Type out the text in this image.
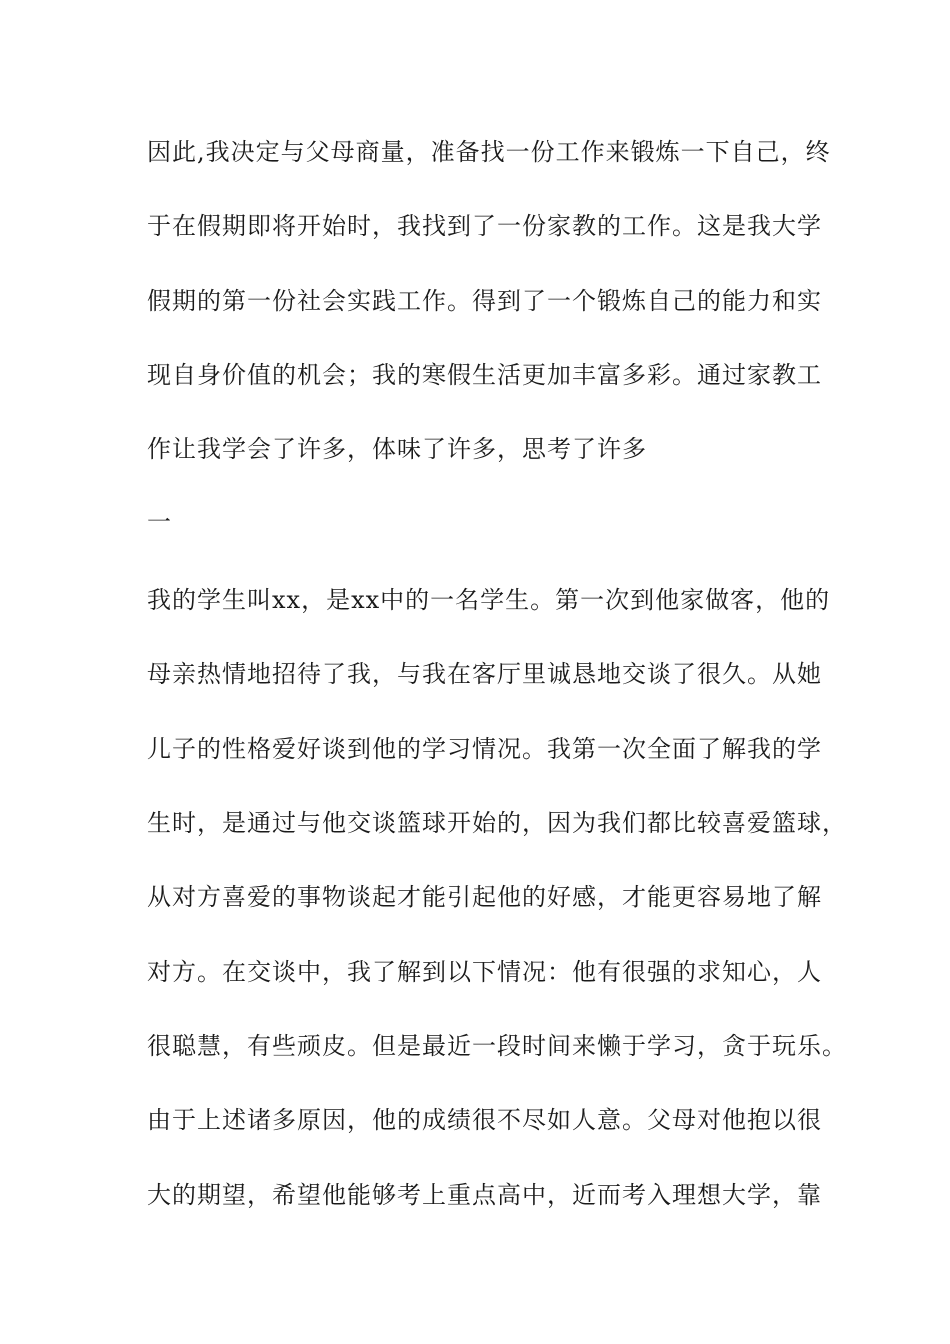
因此,我决定与父母商量，准备找一份工作来锻炼一下自己，终
于在假期即将开始时，我找到了一份家教的工作。这是我大学
假期的第一份社会实践工作。得到了一个锻炼自己的能力和实
现自身价值的机会；我的寒假生活更加丰富多彩。通过家教工
作让我学会了许多，体味了许多，思考了许多
一
我的学生叫xx，是xx中的一名学生。第一次到他家做客，他的
母亲热情地招待了我，与我在客厅里诚恳地交谈了很久。从她
儿子的性格爱好谈到他的学习情况。我第一次全面了解我的学
生时，是通过与他交谈篮球开始的，因为我们都比较喜爱篮球，
从对方喜爱的事物谈起才能引起他的好感，才能更容易地了解
对方。在交谈中，我了解到以下情况：他有很强的求知心，人
很聪慧，有些顽皮。但是最近一段时间来懒于学习，贪于玩乐。
由于上述诸多原因，他的成绩很不尽如人意。父母对他抱以很
大的期望，希望他能够考上重点高中，近而考入理想大学，靠
